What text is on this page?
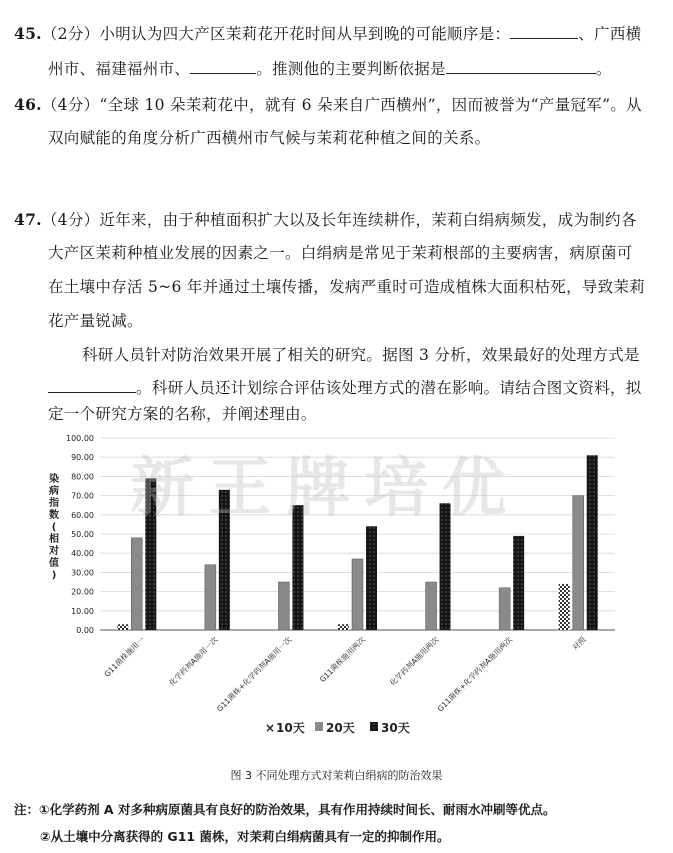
45.（2分）小明认为四大产区茉莉花开花时间从早到晚的可能顺序是：	、广西横
州市、福建福州市、	。推测他的主要判断依据是	。
46.（4分）“全球 10 朵茉莉花中，就有 6 朵来自广西横州”，因而被誉为“产量冠军”。从
双向赋能的角度分析广西横州市气候与茉莉花种植之间的关系。
47.（4分）近年来，由于种植面积扩大以及长年连续耕作，茉莉白绢病频发，成为制约各
大产区茉莉种植业发展的因素之一。白绢病是常见于茉莉根部的主要病害，病原菌可
在土壤中存活 5~6 年并通过土壤传播，发病严重时可造成植株大面积枯死，导致茉莉
花产量锐减。
科研人员针对防治效果开展了相关的研究。据图 3 分析，效果最好的处理方式是
。科研人员还计划综合评估该处理方式的潜在影响。请结合图文资料，拟
定一个研究方案的名称，并阐述理由。
0.00
10.00
20.00
30.00
40.00
50.00
60.00
70.00
80.00
90.00
100.00
G11菌株施用一	化学药剂A施用一次
G11菌株+化学药剂A施用一次	G11菌株施用两次	化学药剂A施用两次
G11菌株+化学药剂A施用两次	对照
新王牌培优
染
病
指
数
(
相
对
值
)
× 10天 20天 30天
图 3 不同处理方式对茉莉白绢病的防治效果
注：①化学药剂 A 对多种病原菌具有良好的防治效果，具有作用持续时间长、耐雨水冲刷等优点。
②从土壤中分离获得的 G11 菌株，对茉莉白绢病菌具有一定的抑制作用。
